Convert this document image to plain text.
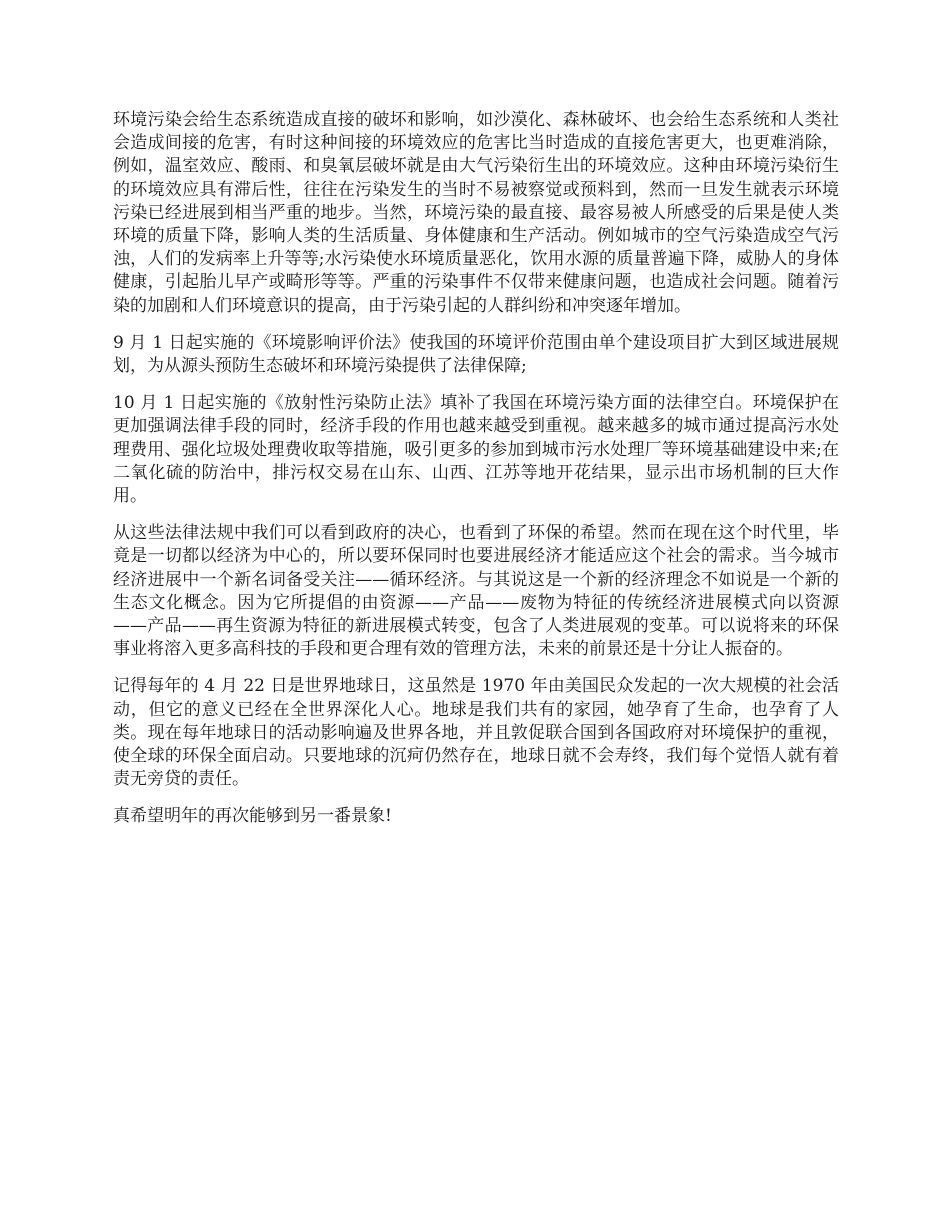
环境污染会给生态系统造成直接的破坏和影响，如沙漠化、森林破坏、也会给生态系统和人类社会造成间接的危害，有时这种间接的环境效应的危害比当时造成的直接危害更大，也更难消除，例如，温室效应、酸雨、和臭氧层破坏就是由大气污染衍生出的环境效应。这种由环境污染衍生的环境效应具有滞后性，往往在污染发生的当时不易被察觉或预料到，然而一旦发生就表示环境污染已经进展到相当严重的地步。当然，环境污染的最直接、最容易被人所感受的后果是使人类环境的质量下降，影响人类的生活质量、身体健康和生产活动。例如城市的空气污染造成空气污浊，人们的发病率上升等等;水污染使水环境质量恶化，饮用水源的质量普遍下降，威胁人的身体健康，引起胎儿早产或畸形等等。严重的污染事件不仅带来健康问题，也造成社会问题。随着污染的加剧和人们环境意识的提高，由于污染引起的人群纠纷和冲突逐年增加。

9 月 1 日起实施的《环境影响评价法》使我国的环境评价范围由单个建设项目扩大到区域进展规划，为从源头预防生态破坏和环境污染提供了法律保障;

10 月 1 日起实施的《放射性污染防止法》填补了我国在环境污染方面的法律空白。环境保护在更加强调法律手段的同时，经济手段的作用也越来越受到重视。越来越多的城市通过提高污水处理费用、强化垃圾处理费收取等措施，吸引更多的参加到城市污水处理厂等环境基础建设中来;在二氧化硫的防治中，排污权交易在山东、山西、江苏等地开花结果，显示出市场机制的巨大作用。

从这些法律法规中我们可以看到政府的决心，也看到了环保的希望。然而在现在这个时代里，毕竟是一切都以经济为中心的，所以要环保同时也要进展经济才能适应这个社会的需求。当今城市经济进展中一个新名词备受关注——循环经济。与其说这是一个新的经济理念不如说是一个新的生态文化概念。因为它所提倡的由资源——产品——废物为特征的传统经济进展模式向以资源——产品——再生资源为特征的新进展模式转变，包含了人类进展观的变革。可以说将来的环保事业将溶入更多高科技的手段和更合理有效的管理方法，未来的前景还是十分让人振奋的。

记得每年的 4 月 22 日是世界地球日，这虽然是 1970 年由美国民众发起的一次大规模的社会活动，但它的意义已经在全世界深化人心。地球是我们共有的家园，她孕育了生命，也孕育了人类。现在每年地球日的活动影响遍及世界各地，并且敦促联合国到各国政府对环境保护的重视，使全球的环保全面启动。只要地球的沉疴仍然存在，地球日就不会寿终，我们每个觉悟人就有着责无旁贷的责任。

真希望明年的再次能够到另一番景象!
